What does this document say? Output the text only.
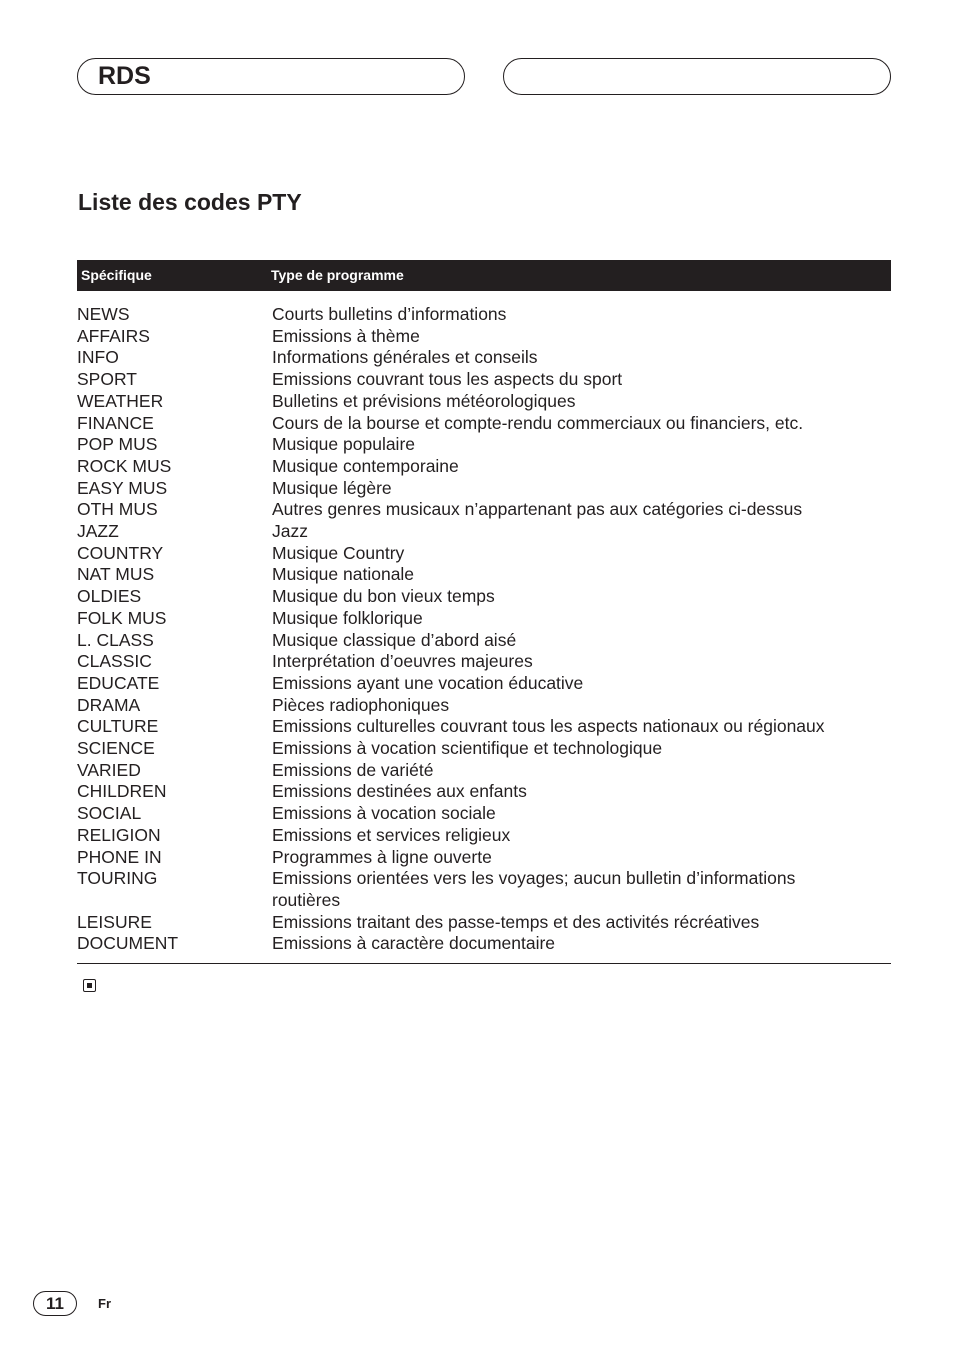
RDS
Liste des codes PTY
Spécifique	Type de programme
NEWS	Courts bulletins d’informations
AFFAIRS	Emissions à thème
INFO	Informations générales et conseils
SPORT	Emissions couvrant tous les aspects du sport
WEATHER	Bulletins et prévisions météorologiques
FINANCE	Cours de la bourse et compte-rendu commerciaux ou financiers, etc.
POP MUS	Musique populaire
ROCK MUS	Musique contemporaine
EASY MUS	Musique légère
OTH MUS	Autres genres musicaux n’appartenant pas aux catégories ci-dessus
JAZZ	Jazz
COUNTRY	Musique Country
NAT MUS	Musique nationale
OLDIES	Musique du bon vieux temps
FOLK MUS	Musique folklorique
L. CLASS	Musique classique d’abord aisé
CLASSIC	Interprétation d’oeuvres majeures
EDUCATE	Emissions ayant une vocation éducative
DRAMA	Pièces radiophoniques
CULTURE	Emissions culturelles couvrant tous les aspects nationaux ou régionaux
SCIENCE	Emissions à vocation scientifique et technologique
VARIED	Emissions de variété
CHILDREN	Emissions destinées aux enfants
SOCIAL	Emissions à vocation sociale
RELIGION	Emissions et services religieux
PHONE IN	Programmes à ligne ouverte
TOURING	Emissions orientées vers les voyages; aucun bulletin d’informations routières
LEISURE	Emissions traitant des passe-temps et des activités récréatives
DOCUMENT	Emissions à caractère documentaire
11	Fr
